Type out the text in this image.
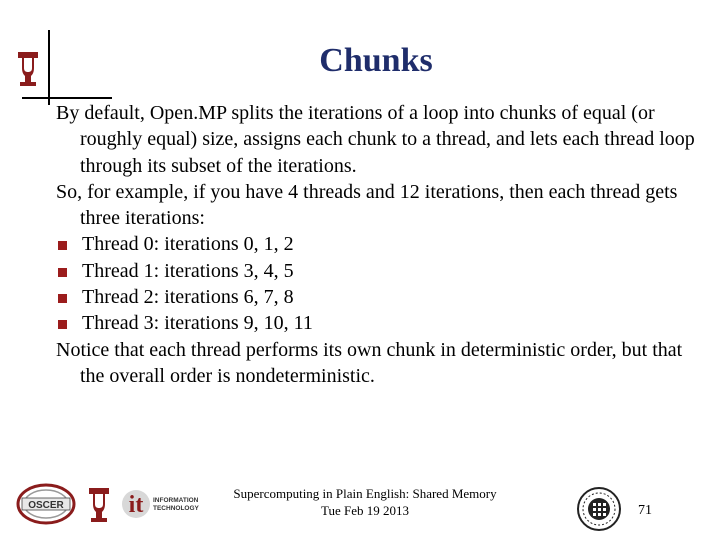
Chunks
By default, Open.MP splits the iterations of a loop into chunks of equal (or roughly equal) size, assigns each chunk to a thread, and lets each thread loop through its subset of the iterations.
So, for example, if you have 4 threads and 12 iterations, then each thread gets three iterations:
Thread 0: iterations 0, 1, 2
Thread 1: iterations 3, 4, 5
Thread 2: iterations 6, 7, 8
Thread 3: iterations 9, 10, 11
Notice that each thread performs its own chunk in deterministic order, but that the overall order is nondeterministic.
OSCER	it INFORMATION
TECHNOLOGY
Supercomputing in Plain English: Shared Memory
Tue Feb 19 2013	71
